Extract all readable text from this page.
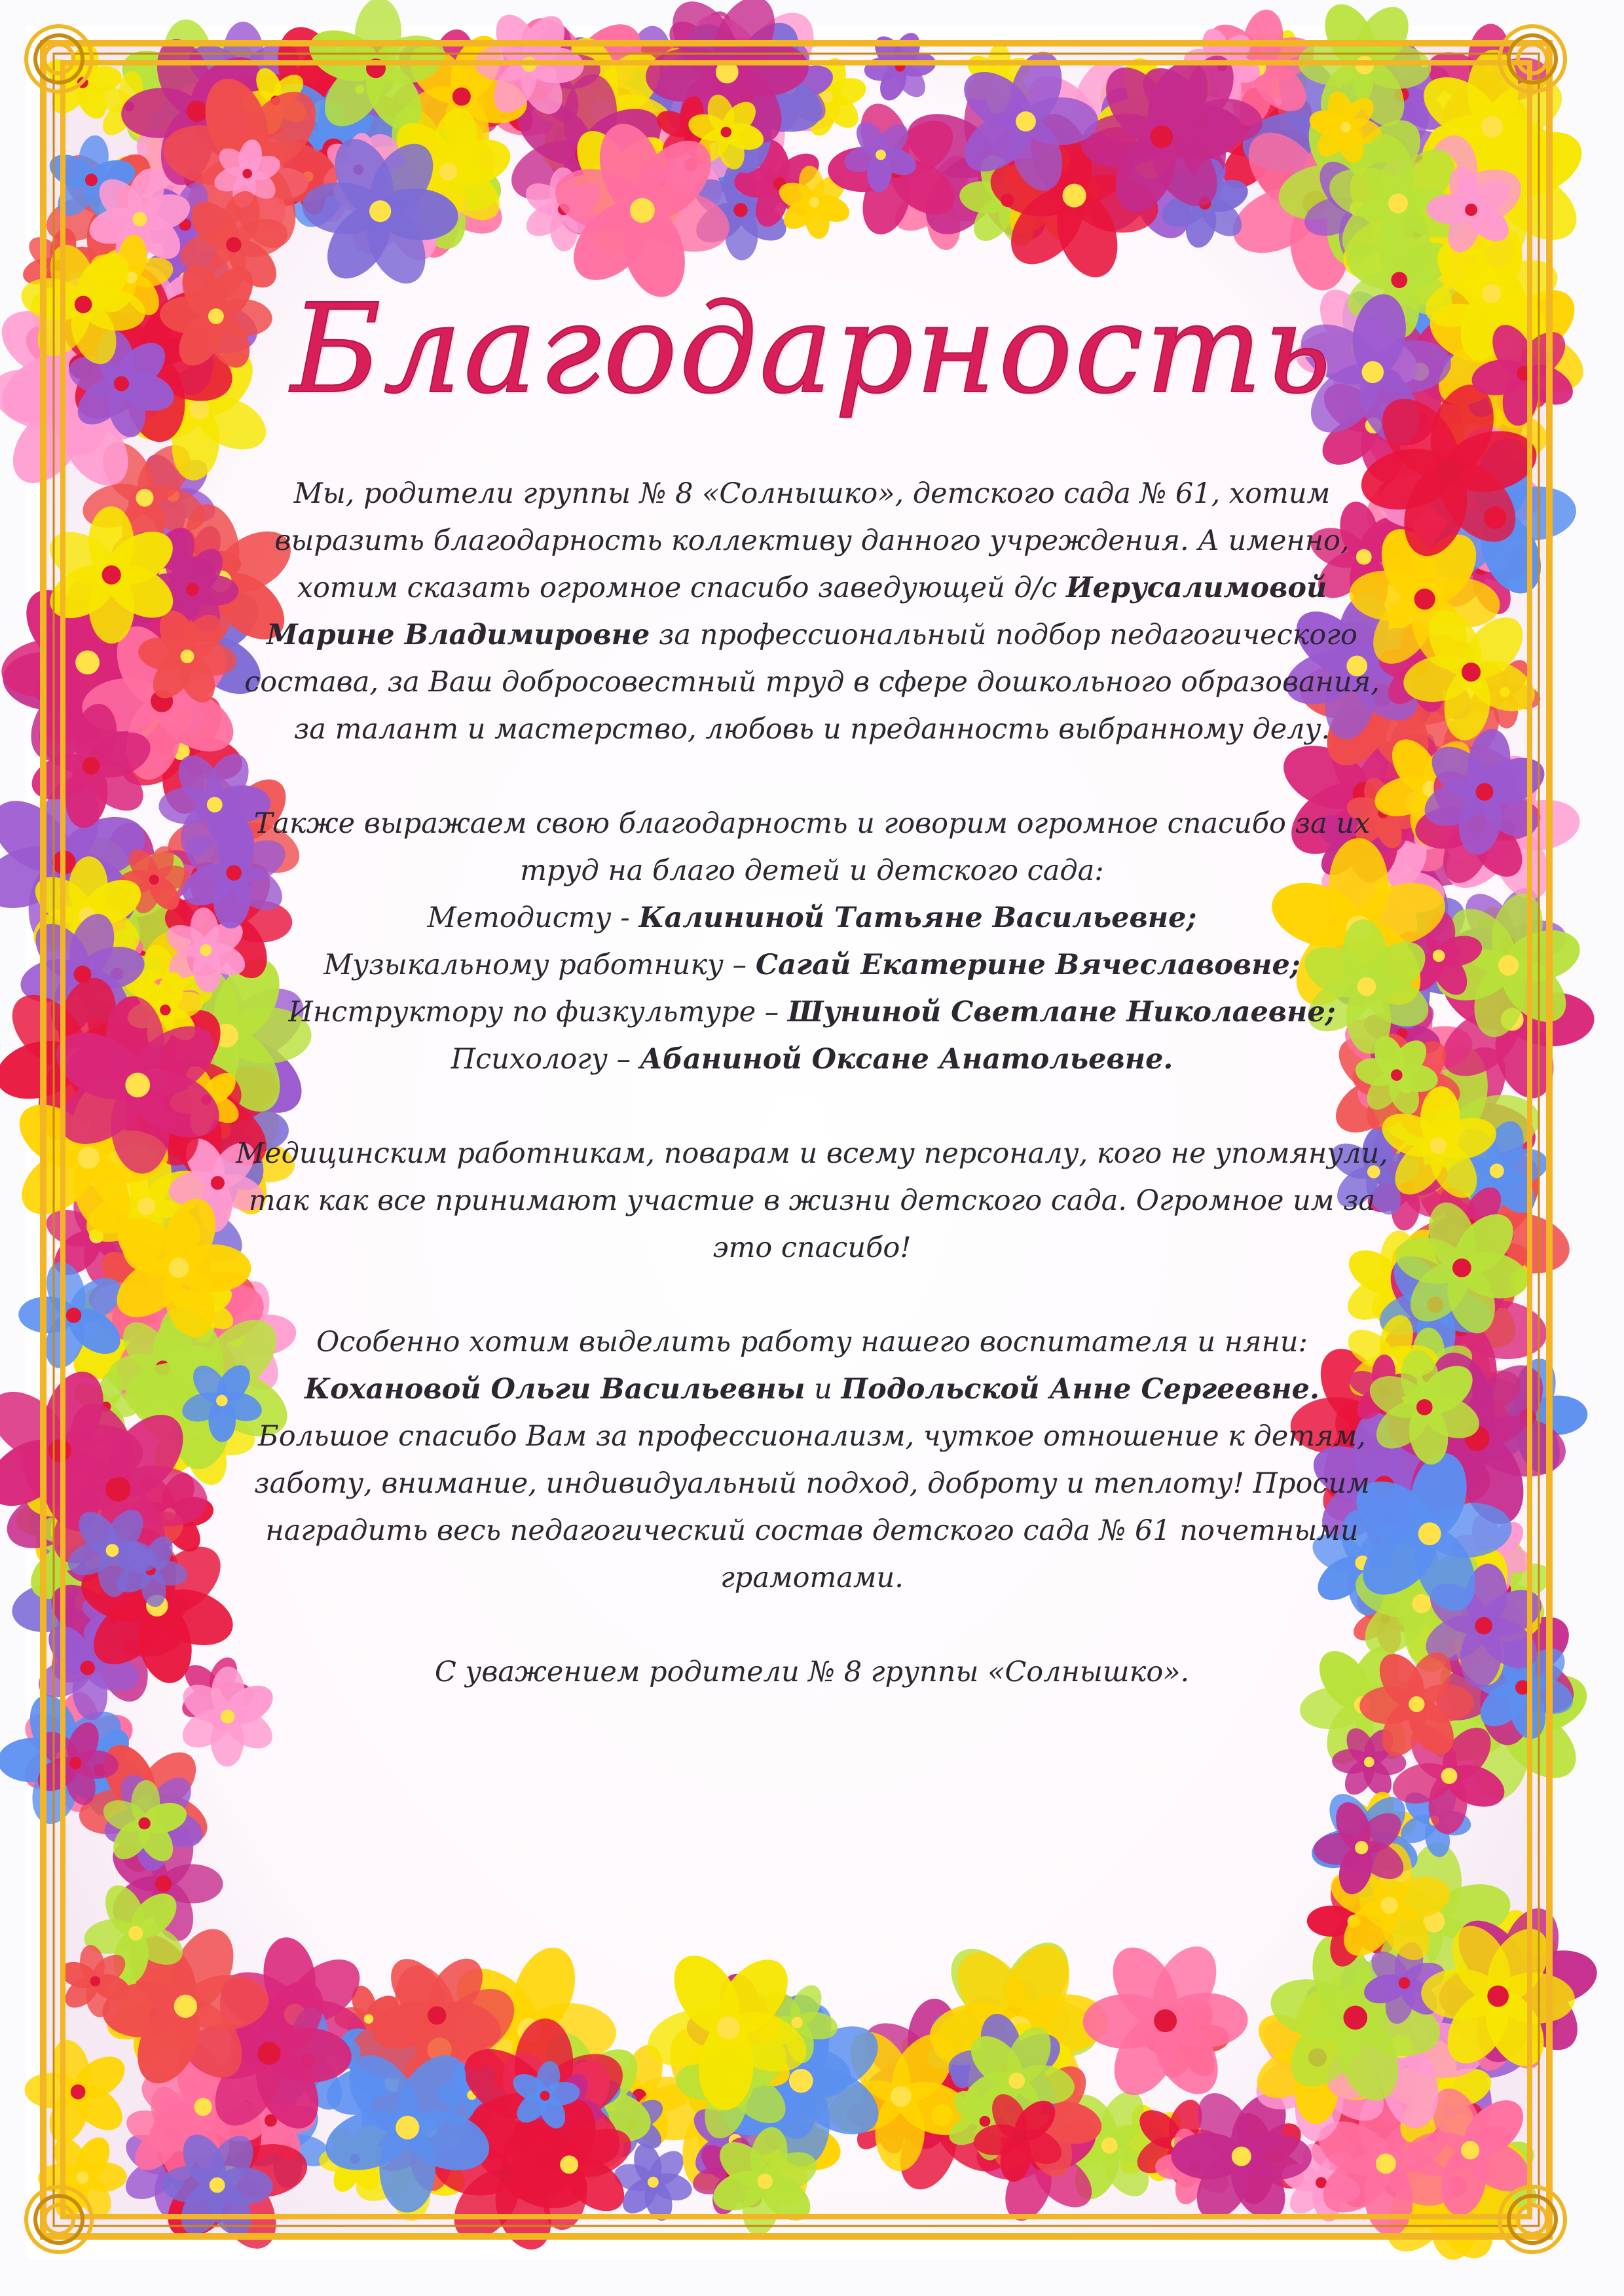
Благодарность

Мы, родители группы № 8 «Солнышко», детского сада № 61, хотим выразить благодарность коллективу данного учреждения. А именно, хотим сказать огромное спасибо заведующей д/с Иерусалимовой Марине Владимировне за профессиональный подбор педагогического состава, за Ваш добросовестный труд в сфере дошкольного образования, за талант и мастерство, любовь и преданность выбранному делу.

Также выражаем свою благодарность и говорим огромное спасибо за их труд на благо детей и детского сада:
Методисту - Калининой Татьяне Васильевне;
Музыкальному работнику – Сагай Екатерине Вячеславовне;
Инструктору по физкультуре – Шуниной Светлане Николаевне;
Психологу – Абаниной Оксане Анатольевне.

Медицинским работникам, поварам и всему персоналу, кого не упомянули, так как все принимают участие в жизни детского сада. Огромное им за это спасибо!

Особенно хотим выделить работу нашего воспитателя и няни:
Кохановой Ольги Васильевны и Подольской Анне Сергеевне.
Большое спасибо Вам за профессионализм, чуткое отношение к детям, заботу, внимание, индивидуальный подход, доброту и теплоту! Просим наградить весь педагогический состав детского сада № 61 почетными грамотами.

С уважением родители № 8 группы «Солнышко».
